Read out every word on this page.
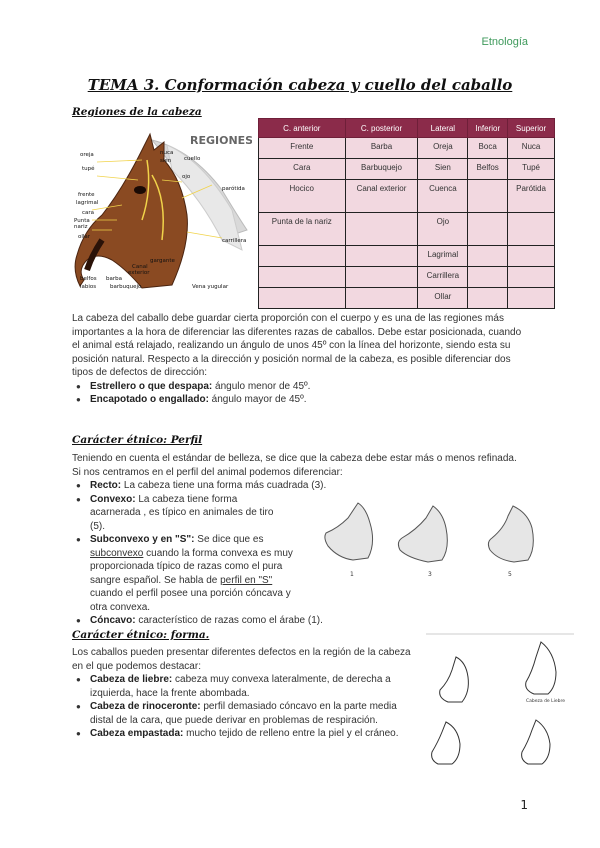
Etnología
TEMA 3. Conformación cabeza y cuello del caballo
Regiones de la cabeza
REGIONES
oreja	nuca
sien
tupé
cuello
ojo
frente
parótida
lagrimal
cara
Punta
nariz
carrillera
ollar
gargante
Canal
exterior
labios
belfos barba
barbuquejo	Vena yugular
C. anterior	C. posterior	Lateral	Inferior	Superior
Frente	Barba	Oreja	Boca	Nuca
Cara	Barbuquejo	Sien	Belfos	Tupé
Hocico	Canal exterior	Cuenca		Parótida
Punta de la nariz		Ojo		
		Lagrimal		
		Carrillera		
		Ollar		
La cabeza del caballo debe guardar cierta proporción con el cuerpo y es una de las regiones más importantes a la hora de diferenciar las diferentes razas de caballos. Debe estar posicionada, cuando el animal está relajado, realizando un ángulo de unos 45º con la línea del horizonte, siendo esta su posición natural. Respecto a la dirección y posición normal de la cabeza, es posible diferenciar dos tipos de defectos de dirección:
● Estrellero o que despapa: ángulo menor de 45º.
● Encapotado o engallado: ángulo mayor de 45º.
Carácter étnico: Perfil
Teniendo en cuenta el estándar de belleza, se dice que la cabeza debe estar más o menos refinada. Si nos centramos en el perfil del animal podemos diferenciar:
● Recto: La cabeza tiene una forma más cuadrada (3).
● Convexo: La cabeza tiene forma acarnerada , es típico en animales de tiro (5).
● Subconvexo y en "S": Se dice que es subconvexo cuando la forma convexa es muy proporcionada típico de razas como el pura sangre español. Se habla de perfil en "S" cuando el perfil posee una porción cóncava y otra convexa.
● Cóncavo: característico de razas como el árabe (1).
1	3	5
Carácter étnico: forma.
Los caballos pueden presentar diferentes defectos en la región de la cabeza en el que podemos destacar:
● Cabeza de liebre: cabeza muy convexa lateralmente, de derecha a izquierda, hace la frente abombada.
● Cabeza de rinoceronte: perfil demasiado cóncavo en la parte media distal de la cara, que puede derivar en problemas de respiración.
● Cabeza empastada: mucho tejido de relleno entre la piel y el cráneo.
Cabeza de Liebre
1
